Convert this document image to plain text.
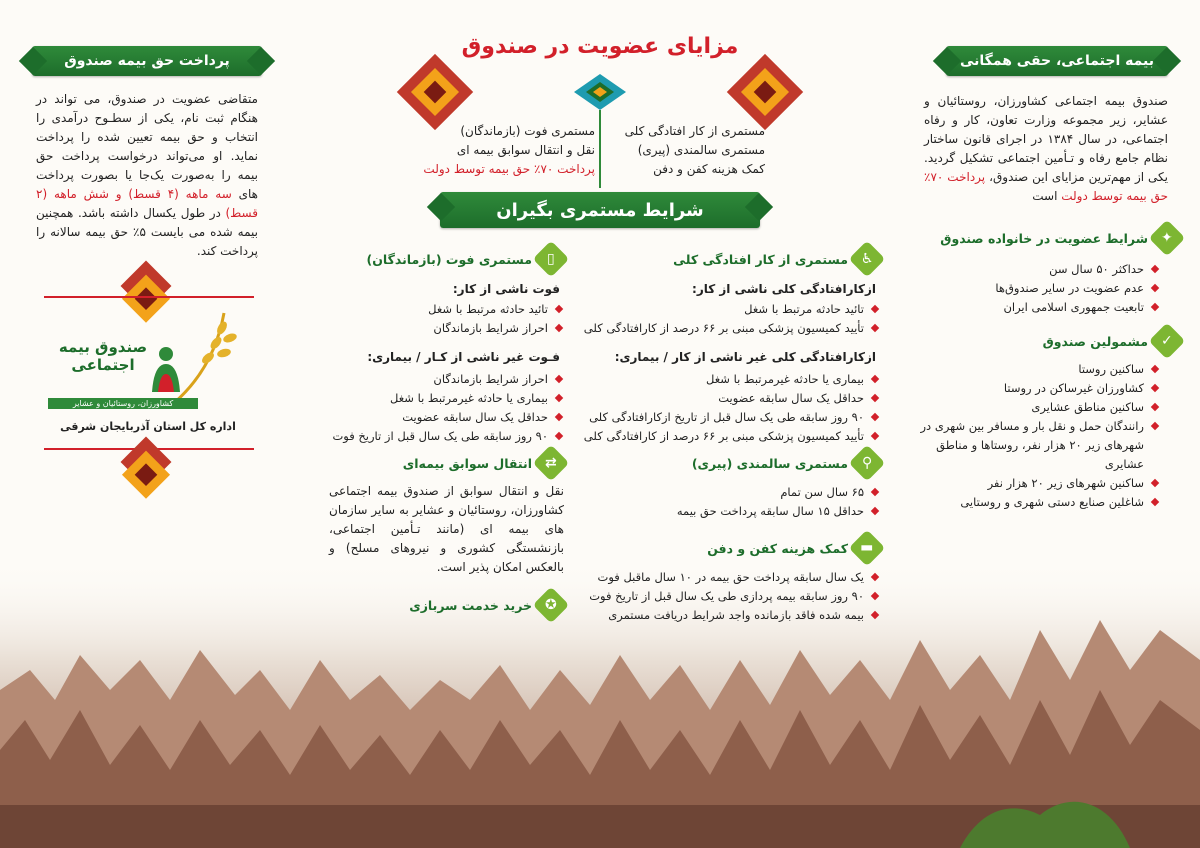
مزایای عضویت در صندوق
مستمری از کار افتادگی کلی
مستمری سالمندی (پیری)
کمک هزینه کفن و دفن
مستمری فوت (بازماندگان)
نقل و انتقال سوابق بیمه ای
پرداخت ۷۰٪ حق بیمه توسط دولت
شرایط مستمری بگیران
بیمه اجتماعی، حقی همگانی
صندوق بیمه اجتماعی کشاورزان، روستائیان و عشایر، زیر مجموعه وزارت تعاون، کار و رفاه اجتماعی، در سال ۱۳۸۴ در اجرای قانون ساختار نظام جامع رفاه و تـأمین اجتماعی تشکیل گردید. یکی از مهم‌ترین مزایای این صندوق، پرداخت ۷۰٪ حق بیمه توسط دولت است
✦
شرایط عضویت در خانواده صندوق
حداکثر ۵۰ سال سن
عدم عضویت در سایر صندوق‌ها
تابعیت جمهوری اسلامی ایران
✓
مشمولین صندوق
ساکنین روستا
کشاورزان غیرساکن در روستا
ساکنین مناطق عشایری
رانندگان حمل و نقل بار و مسافر بین شهری در شهرهای زیر ۲۰ هزار نفر، روستاها و مناطق عشایری
ساکنین شهرهای زیر ۲۰ هزار نفر
شاغلین صنایع دستی شهری و روستایی
♿
مستمری از کار افتادگی کلی
ازکارافتادگی کلی ناشی از کار:
تائید حادثه مرتبط با شغل
تأیید کمیسیون پزشکی مبنی بر ۶۶ درصد از کارافتادگی کلی
ازکارافتادگی کلی غیر ناشی از کار / بیماری:
بیماری یا حادثه غیرمرتبط با شغل
حداقل یک سال سابقه عضویت
۹۰ روز سابقه طی یک سال قبل از تاریخ ازکارافتادگی کلی
تأیید کمیسیون پزشکی مبنی بر ۶۶ درصد از کارافتادگی کلی
⚲
مستمری سالمندی (پیری)
۶۵ سال سن تمام
حداقل ۱۵ سال سابقه پرداخت حق بیمه
▬
کمک هزینه کفن و دفن
یک سال سابقه پرداخت حق بیمه در ۱۰ سال ماقبل فوت
۹۰ روز سابقه بیمه پردازی طی یک سال قبل از تاریخ فوت
بیمه شده فاقد بازمانده واجد شرایط دریافت مستمری
▯
مستمری فوت (بازماندگان)
فوت ناشی از کار:
تائید حادثه مرتبط با شغل
احراز شرایط بازماندگان
فـوت غیر ناشی از کـار / بیماری:
احراز شرایط بازماندگان
بیماری یا حادثه غیرمرتبط با شغل
حداقل یک سال سابقه عضویت
۹۰ روز سابقه طی یک سال قبل از تاریخ فوت
⇄
انتقال سوابق بیمه‌ای
نقل و انتقال سوابق از صندوق بیمه اجتماعی کشاورزان، روستائیان و عشایر به سایر سازمان های بیمه ای (مانند تـأمین اجتماعی، بازنشستگی کشوری و نیروهای مسلح) و بالعکس امکان پذیر است.
✪
خرید خدمت سربازی
پرداخت حق بیمه صندوق
متقاضی عضویت در صندوق، می تواند در هنگام ثبت نام، یکی از سطـوح درآمدی را انتخاب و حق بیمه تعیین شده را پرداخت نماید. او می‌تواند درخواست پرداخت حق بیمه را به‌صورت یک‌جا یا بصورت پرداخت های سه ماهه (۴ قسط) و شش ماهه (۲ قسط) در طول یکسال داشته باشد. همچنین بیمه شده می بایست ۵٪ حق بیمه سالانه را پرداخت کند.
صندوق بیمه اجتماعی
کشاورزان، روستائیان و عشایر
اداره کل استان آذربایجان شرقی
